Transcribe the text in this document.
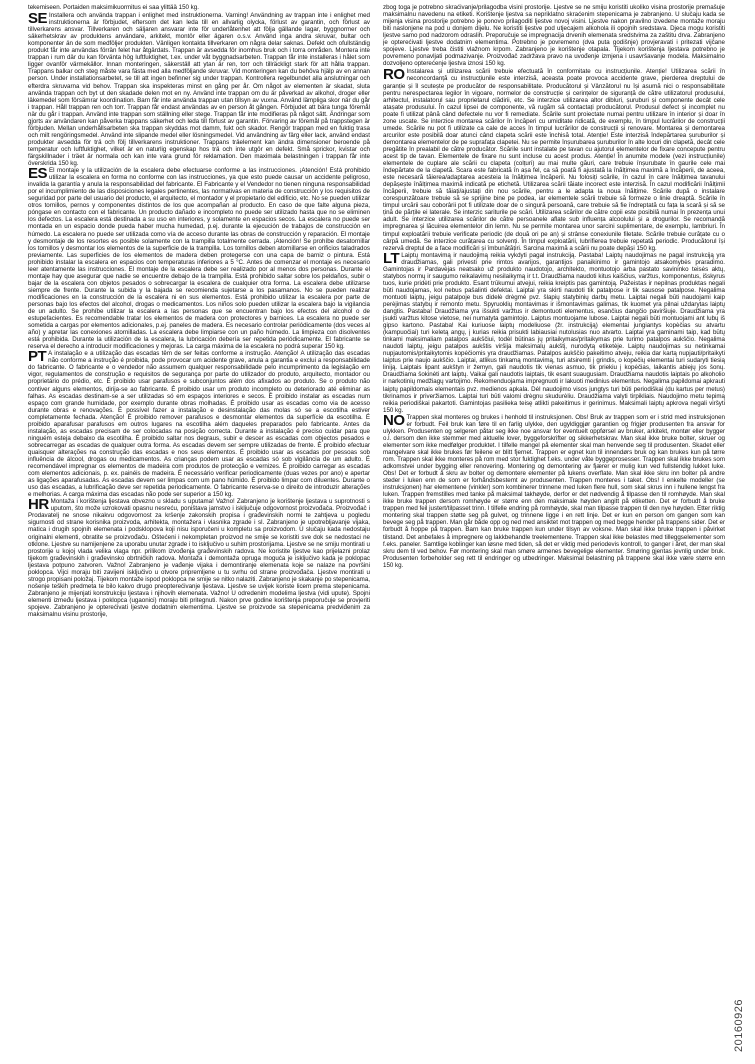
tekemiseen. Portaiden maksimikuormitus ei saa ylittää 150 kg.

SE Installera och använda trappan i enlighet med instruktionerna. Varning! Användning av trappan inte i enlighet med instruktionerna är förbjudet, eftersom det kan leda till en allvarlig olycka, förlust av garantin, och förlust av tillverkarens ansvar. Tillverkaren och säljaren ansvarar inte för underlåtenhet att följa gällande lagar, byggnormer och säkerhetskrav av produktens användare, arkitekt, montör eller ägaren o.s.v. Använd inga andra skruvar, bultar och komponenter än de som medföljer produkten. Vänligen kontakta tillverkaren om några delar saknas. Defekt och ofullständig produkt får inte användas förrän felet har åtgärdats. Trappan är avsedda för inomhus bruk och i torra områden. Montera inte trappan i rum där du kan förvänta hög luftfuktighet, t.ex. under våt byggnadsarbeten. Trappan får inte installeras i hålet som ligger ovanför värmekällor. Innan monteringen, säkerställ att ytan är ren, torr och tillräckligt stark för att hålla trappan. Trappans balkar och steg måste vara fästa med alla medföljande skruvar. Vid monteringen kan du behöva hjälp av en annan person. Under installationsarbetet, se till att ingen befinner sig under trappan. Kontrollera regelbundet alla anslutningar och efterdra skruvarna vid behov. Trappan ska inspekteras minst en gång per år. Om något av elementen är skadat, sluta använda trappan och byt ut den skadade delen mot en ny. Använd inte trappan om du är påverkad av alkohol, droger eller läkemedel som försämrar koordination. Barn får inte använda trappan utan tillsyn av vuxna. Använd lämpliga skor när du går i trappan. Håll trappan ren och torr. Trappan får endast användas av en person åt gången. Förbjudet att bära tunga föremål när du går i trappan. Använd inte trappan som ställning eller stege. Trappan får inte modifieras på något sätt. Ändringar som gjorts av användaren kan påverka trappans säkerhet och leda till förlust av garantin. Förvaring av föremål på trappstegen är förbjuden. Mellan underhållsarbeten ska trappan skyddas mot damm, fukt och skador. Rengör trappan med en fuktig trasa och milt rengöringsmedel. Använd inte slipande medel eller lösningsmedel. Vid användning av färg eller lack, använd endast produkter avsedda för trä och följ tillverkarens instruktioner. Trappans träelement kan ändra dimensioner beroende på temperatur och luftfuktighet, vilket är en naturlig egenskap hos trä och inte utgör en defekt. Små sprickor, kvistar och färgskillnader i träet är normala och kan inte vara grund för reklamation. Den maximala belastningen i trappan får inte överskrida 150 kg.
ES El montaje y la utilización de la escalera debe efectuarse conforme a las instrucciones. ¡Atención! Está prohibido utilizar la escalera en forma no conforme con las instrucciones, ya que esto puede causar un accidente peligroso, invalida la garantía y anula la responsabilidad del fabricante. El Fabricante y el Vendedor no tienen ninguna responsabilidad por el incumplimiento de las disposiciones legales pertinentes, las normativas en materia de construcción y los requisitos de seguridad por parte del usuario del producto, el arquitecto, el montador y el propietario del edificio, etc. No se pueden utilizar otros tornillos, pernos y componentes distintos de los que acompañan al producto. En caso de que falte alguna pieza, póngase en contacto con el fabricante. Un producto dañado e incompleto no puede ser utilizado hasta que no se eliminen los defectos. La escalera está destinada a su uso en interiores, y solamente en espacios secos. La escalera no puede ser montada en un espacio donde pueda haber mucha humedad, p.ej. durante la ejecución de trabajos de construcción en húmedo. La escalera no puede ser utilizada como vía de acceso durante las obras de construcción y reparación. El montaje y desmontaje de los resortes es posible solamente con la trampilla totalmente cerrada. ¡Atención! Se prohíbe desatornillar los tornillos y desmontar los elementos de la superficie de la trampilla. Los tornillos deben atornillarse en orificios taladrados previamente. Las superficies de los elementos de madera deben protegerse con una capa de barniz o pintura. Está prohibido instalar la escalera en espacios con temperaturas inferiores a 5 °C. Antes de comenzar el montaje es necesario leer atentamente las instrucciones. El montaje de la escalera debe ser realizado por al menos dos personas. Durante el montaje hay que asegurar que nadie se encuentre debajo de la trampilla. Está prohibido saltar sobre los peldaños, subir o bajar de la escalera con objetos pesados o sobrecargar la escalera de cualquier otra forma. La escalera debe utilizarse siempre de frente. Durante la subida y la bajada se recomienda sujetarse a los pasamanos. No se pueden realizar modificaciones en la construcción de la escalera ni en sus elementos. Está prohibido utilizar la escalera por parte de personas bajo los efectos del alcohol, drogas o medicamentos. Los niños solo pueden utilizar la escalera bajo la vigilancia de un adulto. Se prohíbe utilizar la escalera a las personas que se encuentran bajo los efectos del alcohol o de estupefacientes. Es recomendable tratar los elementos de madera con protectores y barnices. La escalera no puede ser sometida a cargas por elementos adicionales, p.ej. paneles de madera. Es necesario controlar periódicamente (dos veces al año) y apretar las conexiones atornilladas. La escalera debe limpiarse con un paño húmedo. La limpieza con disolventes está prohibida. Durante la utilización de la escalera, la lubricación debería ser repetida periódicamente. El fabricante se reserva el derecho a introducir modificaciones y mejoras. La carga máxima de la escalera no podrá superar 150 kg.
PT A instalação e a utilização das escadas têm de ser feitas conforme a instrução. Atenção! A utilização das escadas não conforme a instrução é proibida, pode provocar um acidente grave, anula a garantia e exclui a responsabilidade do fabricante. O fabricante e o vendedor não assumem qualquer responsabilidade pelo incumprimento da legislação em vigor, regulamentos de construção e requisitos de segurança por parte do utilizador do produto, arquitecto, montador ou proprietário do prédio, etc. É proibido usar parafusos e subconjuntos além dos afixados ao produto. Se o produto não contiver alguns elementos, dirija-se ao fabricante. É proibido usar um produto incompleto ou deteriorado até eliminar as falhas. As escadas destinam-se a ser utilizadas só em espaços interiores e secos. É proibido instalar as escadas num espaço com grande humidade, por exemplo durante obras molhadas. É proibido usar as escadas como via de acesso durante obras e renovações. É possível fazer a instalação e desinstalação das molas só se a escotilha estiver completamente fechada. Atenção! É proibido remover parafusos e desmontar elementos da superfície da escotilha. É proibido aparafusar parafusos em outros lugares na escotilha além daqueles preparados pelo fabricante. Antes da instalação, as escadas precisam de ser colocadas na posição correcta. Durante a instalação é preciso cuidar para que ninguém esteja debaixo da escotilha. É proibido saltar nos degraus, subir e descer as escadas com objectos pesados e sobrecarregar as escadas de qualquer outra forma. As escadas devem ser sempre utilizadas de frente. É proibido efectuar quaisquer alterações na construção das escadas e nos seus elementos. É proibido usar as escadas por pessoas sob influência de álcool, drogas ou medicamentos. As crianças podem usar as escadas só sob vigilância de um adulto. É recomendável impregnar os elementos de madeira com produtos de protecção e vernizes. É proibido carregar as escadas com elementos adicionais, p. ex. painéis de madeira. É necessário verificar periodicamente (duas vezes por ano) e apertar as ligações aparafusadas. As escadas devem ser limpas com um pano húmido. É proibido limpar com diluentes. Durante o uso das escadas, a lubrificação deve ser repetida periodicamente. O fabricante reserva-se o direito de introduzir alterações e melhorias. A carga máxima das escadas não pode ser superior a 150 kg.
HR Montaža i korištenja ljestava obvezno u skladu s uputama! Važno! Zabranjeno je korištenje ljestava u suprotnosti s uputom, što može uzrokovati opasnu nesreću, poništava jamstvo i isključuje odgovornost proizvođača. Proizvođač i Prodavatelj ne snose nikakvu odgovornost za kršenje zakonskih propisa i građevinskih normi te zahtjeva u pogledu sigurnosti od strane korisnika proizvoda, arhitekta, montažera i vlasnika zgrade i sl. Zabranjeno je upotrebljavanje vijaka, matica i drugih spojnih elemenata i podsklopova koji nisu isporučeni u kompletu sa proizvodom. U slučaju kada nedostaju originalni elementi, obratite se proizvođaču. Oštećeni i nekompletan proizvod ne smije se koristiti sve dok se nedostaci ne otklone. Ljestve su namijenjene za uporabu unutar zgrade i to isključivo u suhim prostorijama. Ljestve se ne smiju montirati u prostorije u kojoj vlada velika vlaga npr. prilikom izvođenja građevinskih radova. Ne koristite ljestve kao prijelazni prolaz tijekom građevinskih i građevinsko obrtničkih radova. Montaža i demontaža opruga moguća je isključivo kada je poklopac ljestava potpuno zatvoren. Važno! Zabranjeno je vađenje vijaka i demontiranje elemenata koje se nalaze na površini poklopca. Vijci moraju biti zavijeni isključivo u otvore pripremljene u tu svrhu od strane proizvođača. Ljestve montirati u strogo propisani položaj. Tijekom montaže ispod poklopca ne smije se nitko nalaziti. Zabranjeno je skakanje po stepenicama, nošenje teških predmeta te bilo kakvo drugo preopterećivanje ljestava. Ljestve se uvijek koriste licem prema stepenicama. Zabranjeno je mijenjati konstrukciju ljestava i njihovih elemenata. Važno! U odredenim modelima ljestva (vidi upute). Spojni elementi između ljestava i poklopca (ugaonici) moraju biti pritegnuti. Nakon prve godine korištenja preporučuje se provjeriti spojeve. Zabranjeno je opterećivati ljestve dodatnim elementima. Ljestve se proizvode sa stepenicama predviđenim za maksimalnu visinu prostorije,

zbog toga je potrebno skraćivanje/prilagodba visini prostorije. Ljestve se ne smiju koristiti ukoliko visina prostorije premašuje maksimalnu navedenu na etiketi. Korištenje ljestva sa nepriklatno skraćenim stepenicama je zabranjeno. U slučaju kada se mijenja visina prostorije potrebno je ponovo prilagoditi ljestve novoj visini. Ljestve nakon pravilno izvedene montaže moraju biti naslonjene na pod u donjem dijelu. Ne koristiti ljestve pod utjecajem alkohola ili opojnih sredstava. Djeca mogu koristiti ljestve samo pod nadzorom odraslih. Preporučuje se impregnacija drvenih elemenata sredstvima za zaštitu drva. Zabranjeno je opterećivati ljestve dodatnim elementima. Potrebno je povremeno (dva puta godišnje) provjeravati i pritezati vijčane spojeve. Ljestve treba čistiti vlažnom krpom. Zabranjeno je korištenje otapala. Tijekom korištenja ljestava potrebno je povremeno ponavljati podmazivanje. Proizvođač zadržava pravo na uvođenje izmjena i usavršavanje modela. Maksimalno dozvoljeno opterećenje ljestva iznosi 150 kg.

RO Instalarea și utilizarea scării trebuie efectuată în conformitate cu instrucțiunile. Atenție! Utilizarea scării în neconcordanță cu instrucțiunile este interzisă, aceasta poate provoca accidente grave, pierderea dreptului de garanție și îl scutește pe producător de responsabilitate. Producătorul și Vânzătorul nu își asumă nici o responsabilitate pentru nerespectarea legilor în vigoare, normelor de construcție și cerințelor de siguranță de către utilizatorul produsului, arhitectul, instalatorul sau proprietarul clădirii, etc. Se interzice utilizarea altor dibluri, șuruburi și componente decât cele atașate produsului. În cazul lipsei de componente, vă rugăm să contactați producătorul. Produsul defect și incomplet nu poate fi utilizat până când defectele nu vor fi remediate. Scările sunt proiectate numai pentru utilizare în interior și doar în zone uscate. Se interzice montarea scărilor în încăperi cu umiditate ridicată, de exemplu, în timpul lucrărilor de construcții umede. Scările nu pot fi utilizate ca cale de acces în timpul lucrărilor de construcții și renovare. Montarea și demontarea arcurilor este posibilă doar atunci când clapeta scării este închisă total. Atenție! Este interzisă îndepărtarea șuruburilor și demontarea elementelor de pe suprafața clapetei. Nu se permite înșurubarea șuruburilor în alte locuri din clapetă, decât cele pregătite în prealabil de către producător. Scările sunt instalate pe tavan cu ajutorul elementelor de fixare concepute pentru acest tip de tavan. Elementele de fixare nu sunt incluse cu acest produs. Atenție! În anumite modele (vezi instrucțiunile) elementele de cuplare ale scării cu clapeta (colțuri) au mai multe găuri, care trebuie înșurubate în gaurile cele mai îndepărtate de la clapetă. Scara este fabricată în așa fel, ca să poată fi ajustată la înălțimea maximă a încăperii, de aceea, este necesară tăierea/adaptarea acesteia la înălțimea încăperii. Nu folosiți scările, în cazul în care înălțimea tavanului depășește înălțimea maximă indicată pe etichetă. Utilizarea scării tăiate incorect este interzisă. În cazul modificării înălțimii încăperii, trebuie să tăiați/ajustați din nou scările, pentru a le adapta la noua înălțime. Scările după o instalare corespunzătoare trebuie să se sprijine bine pe podea, iar elementele scării trebuie să formeze o linie dreaptă. Scările în timpul urcării sau coborârii pot fi utilizate doar de o singură persoană, care trebuie să fie îndreptată cu fața la scară și să se țină de părțile ei laterale. Se interzic sariturile pe scări. Utilizarea scărilor de către copii este posibilă numai în prezența unui adult. Se interzice utilizarea scărilor de către persoanele aflate sub influența alcoolului și a drogurilor. Se recomandă impregnarea și lăcuirea elementelor din lemn. Nu se permite montarea unor sarcini suplimentare, de exemplu, lambriuri. În timpul exploatării trebuie verificate periodic (de două ori pe an) și strânse conexiunile filetate. Scările trebuie curățate cu o cârpă umedă. Se interzice curățarea cu solvenți. În timpul exploatării, lubrifierea trebuie repetată periodic. Producătorul își rezervă dreptul de a face modificări și îmbunătățiri. Sarcina maximă a scării nu poate depăși 150 kg.
LT Laiptų montavimą ir naudojimą reikia vykdyti pagal instrukciją. Pastaba! Laiptų naudojimas ne pagal instrukciją yra draudžiamas, gali privesti prie rimtos avarijos, garantijos panaikinimo ir gamintojo atsakomybės praradimo. Gamintojas ir Pardavėjas neatsako už produkto naudotojo, architekto, montuotojo arba pastato savininko teisės aktų, statybos normų ir saugumo reikalavimų nesilaikymą ir t.t. Draudžiama naudoti kitus kaiščius, varžtus, komponentus, išskyrus tuos, kurie pridėti prie produkto. Esant trūkumui atvejui, reikia kreiptis pas gamintoją. Pažeistas ir nepilnas produktas negali būti naudojamas, kol nebus pašalinti defektai. Laiptai yra skirti naudoti tik patalpose ir tik sausose patalpose. Negalima montuoti laiptų, jeigu patalpoje bus didelė drėgmė pvz. šlapių statybinių darbų metu. Laiptai negali būti naudojami kaip perėjimas statybų ir remonto metu. Spyruoklių montavimas ir išmontavimas galimas, tik kuomet yra pilnai uždarytas laiptų dangtis. Pastaba! Draudžiama yra išsukti varžtus ir demontuoti elementus, esančius dangčio paviršiuje. Draudžiama yra įsukti varžtus kitose vietose, nei numatyta gamintojo. Laiptus montuojame lubose. Laiptai negali būti montuojami ant lubų iš gipso kartono. Pastaba! Kai kuriuose laiptų modeliuose (žr. instrukciją) elementai jungiantys kopėčias su atvartu (kampuočiai) turi keletą angų, į kurias reikia prisukti labiausiai nutolusias nuo atvarto. Laiptai yra gaminami taip, kad būtų tinkami maksimaliam patalpos aukščiui, todėl būtinas jų pritaikymas/pritaikymas prie turimo patalpos aukščio. Negalima naudoti laiptų, jeigu patalpos aukštis viršija maksimalų aukštį, nurodytą etiketėje. Laiptų naudojimas su netinkamai nupjautomis/pritaikytomis kopėčiomis yra draudžiamas. Patalpos aukščio pakeitimo atveju, reikia dar kartą nupjauti/pritaikyti laiptus prie naujo aukščio. Laiptai, atlikus tinkamą montavimą, turi atsiremti į grindis, o kopėčių elementai turi sudaryti tiesią liniją. Laiptais lipant aukštyn ir žemyn, gali naudotis tik vienas asmuo, tik priekiu į kopėčias, laikantis abiejų jos šonų. Draudžiama šokinėti ant laiptų. Vaikai gali naudotis laiptais, tik esant suaugusiam. Draudžiama naudotis laiptais po alkoholio ir narkotinių medžiagų vartojimo. Rekomenduojama impregnuoti ir lakuoti medinius elementus. Negalima papildomai apkrauti laiptų papildomais elementais pvz. medienos apkala. Dėl naudojimo visos jungtys turi būti periodiškai (du kartus per metus) tikrinamos ir priveržiamos. Laiptai turi būti valomi drėgnu skudurėliu. Draudžiama valyti tirpikliais. Naudojimo metu tepimą reikia periodiškai pakartoti. Gamintojas pasilieka teisę atlikti pakeitimus ir gerinimus. Maksimali laiptų apkrova negali viršyti 150 kg.
NO Trappen skal monteres og brukes i henhold til instruksjonen. Obs! Bruk av trappen som er i strid med instruksjonen er forbudt. Feil bruk kan føre til en farlig ulykke, den ugyldiggjør garantien og frigjør produsenten fra ansvar for ulykken. Produsenten og selgeren påtar seg ikke noe ansvar for eventuelt oppførsel av bruker, arkitekt, montør eller bygger o.l. dersom den ikke stemmer med aktuelle lover, byggeforskrifter og sikkerhetskrav. Man skal ikke bruke bolter, skruer og elementer som ikke medfølger produktet. I tilfelle mangel på elementer skal man henvende seg til produsenten. Skadet eller mangelvare skal ikke brukes før feilene er blitt fjernet. Trappen er egnet kun til innendørs bruk og kan brukes kun på tørre rom. Trappen skal ikke monteres på rom med stor fuktighet f.eks. under våte byggeprosesser. Trappen skal ikke brukes som adkomstvei under bygging eller renovering. Montering og demontering av fjærer er mulig kun ved fullstendig lukket luke. Obs! Det er forbudt å skru av bolter og demontere elementer på lukens overflate. Man skal ikke skru inn bolter på andre steder i luken enn de som er forhåndsbestemt av produsenten. Trappen monteres i taket. Obs! I enkelte modeller (se instruksjonen) har elementene (vinkler) som kombinerer trinnene med luken flere hull, som skal skrus inn i hullene lengst fra luken. Trappen fremstilles med tanke på maksimal takhøyde, derfor er det nødvendig å tilpasse den til romhøyde. Man skal ikke bruke trappen dersom romhøyde er større enn den maksimale høyden angitt på etiketten. Det er forbudt å bruke trappen med feil justert/tilpasset trinn. I tilfelle endring på romhøyde, skal man tilpasse trappen til den nye høyden. Etter riktig montering skal trappen støtte seg på gulvet, og trinnene ligge i en rett linje. Det er kun en person om gangen som kan bevege seg på trappen. Man går både opp og ned med ansiktet mot trappen og med begge hender på trappens sider. Det er forbudt å hoppe på trappen. Barn kan bruke trappen kun under tilsyn av voksne. Man skal ikke bruke trappen i påvirket tilstand. Det anbefales å impregnere og lakkbehandle treelementene. Trappen skal ikke belastes med tilleggselementer som f.eks. paneler. Samtlige koblinger kan løsne med tiden, så det er viktig med periodevis kontroll, to ganger i året, der man skal skru dem til ved behov. Før montering skal man smøre armenes bevegelige elementer. Smøring gjentas jevnlig under bruk. Produsenten forbeholder seg rett til endringer og utbedringer. Maksimal belastning på trappene skal ikke være større enn 150 kg.
20160926
